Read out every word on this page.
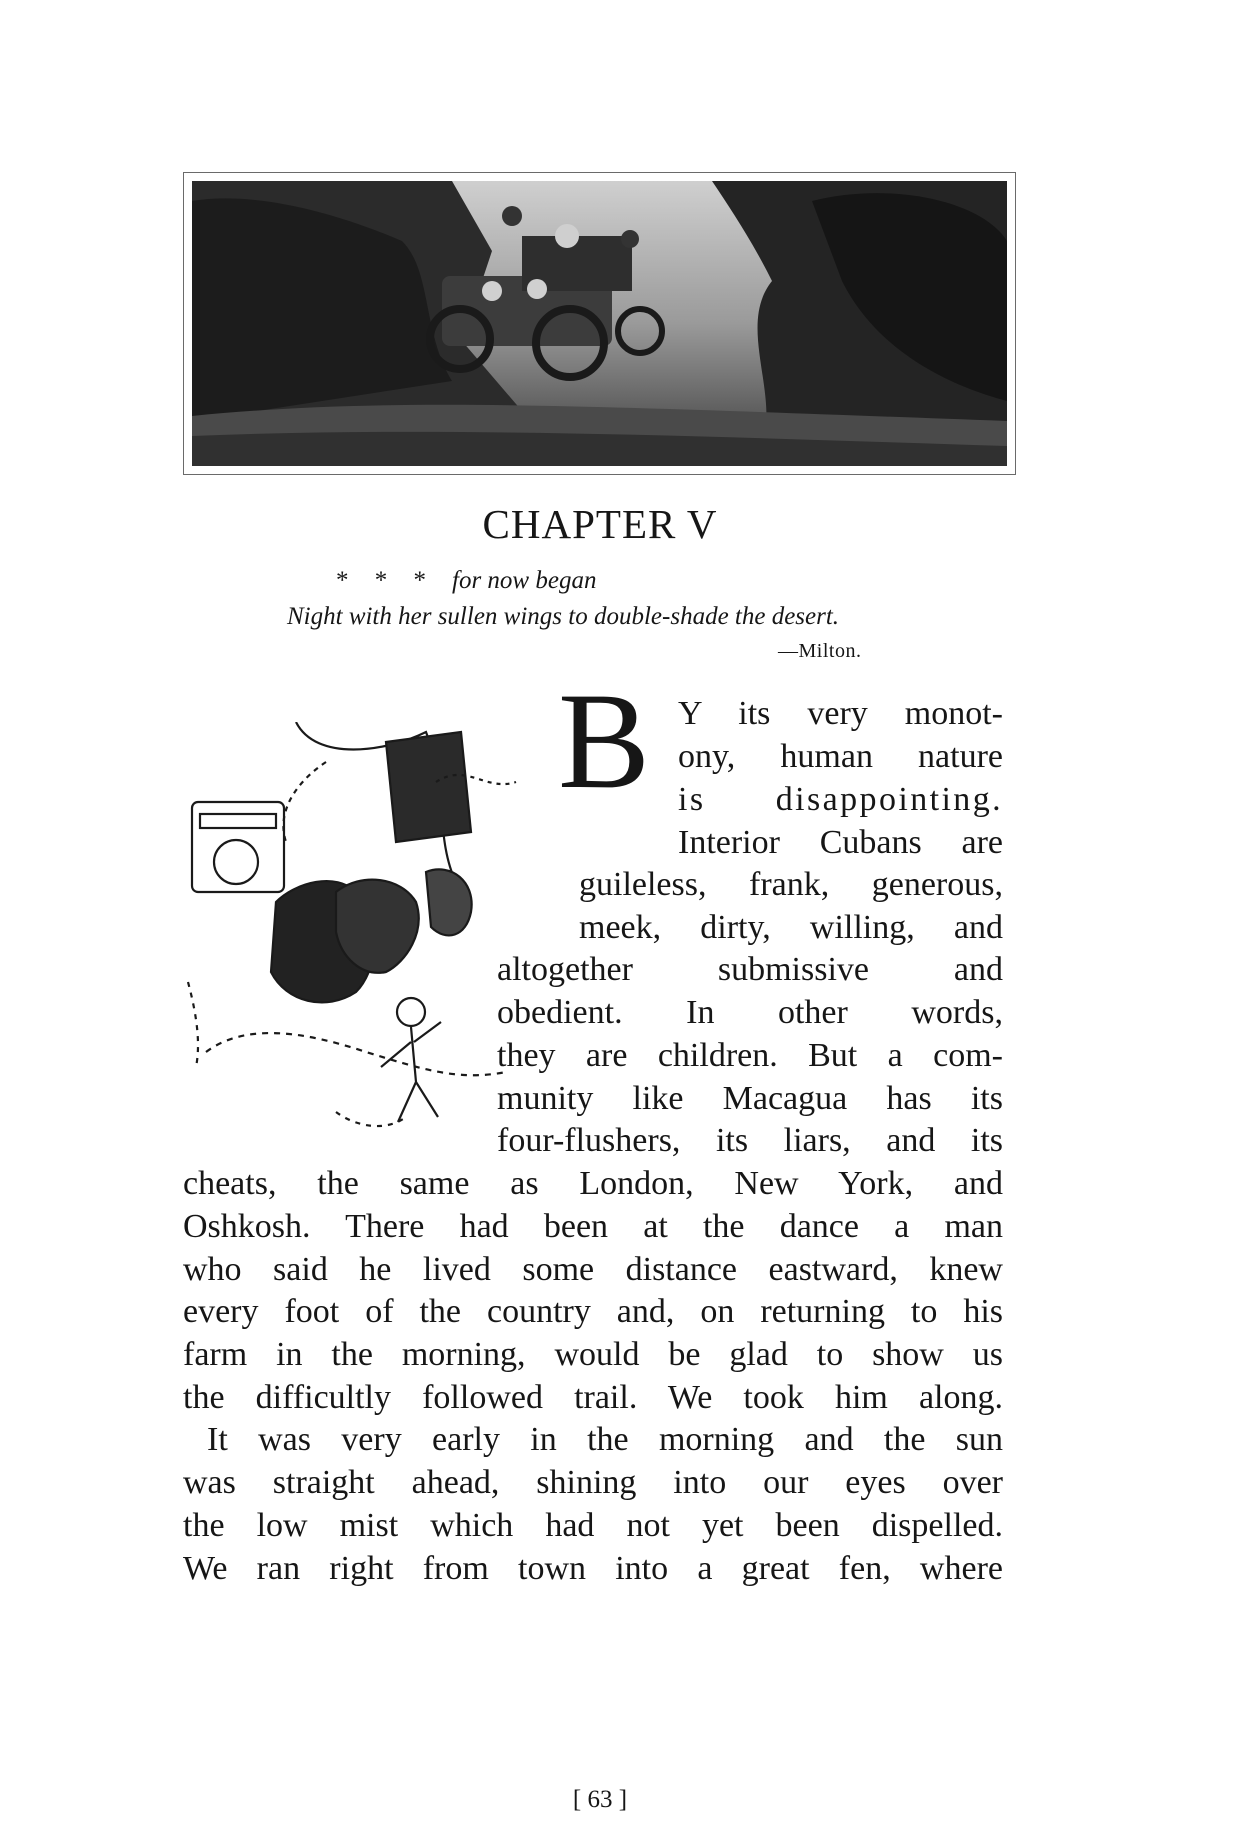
CHAPTER V
* * * for now began
Night with her sullen wings to double-shade the desert.
—Milton.
B Y its very monot-
ony, human nature
is disappointing.
Interior Cubans are
guileless, frank, generous,
meek, dirty, willing, and
altogether submissive and
obedient. In other words,
they are children. But a com-
munity like Macagua has its
four-flushers, its liars, and its
cheats, the same as London, New York, and
Oshkosh. There had been at the dance a man
who said he lived some distance eastward, knew
every foot of the country and, on returning to his
farm in the morning, would be glad to show us
the difficultly followed trail. We took him along.
It was very early in the morning and the sun
was straight ahead, shining into our eyes over
the low mist which had not yet been dispelled.
We ran right from town into a great fen, where
[ 63 ]
